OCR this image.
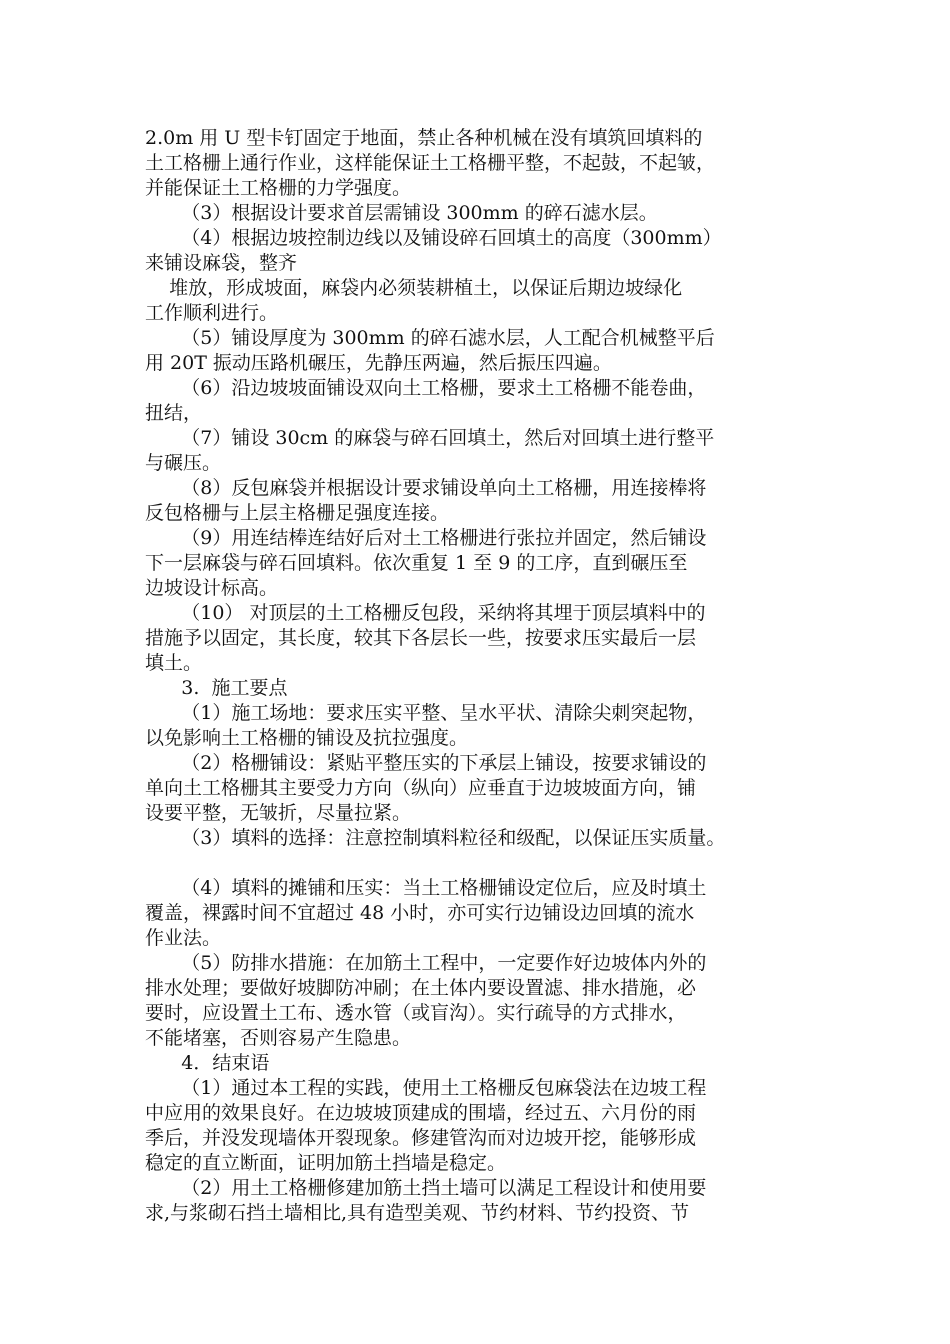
2.0m 用 U 型卡钉固定于地面，禁止各种机械在没有填筑回填料的
土工格栅上通行作业，这样能保证土工格栅平整，不起鼓，不起皱，
并能保证土工格栅的力学强度。
（3）根据设计要求首层需铺设 300mm 的碎石滤水层。
（4）根据边坡控制边线以及铺设碎石回填土的高度（300mm）
来铺设麻袋，整齐
堆放，形成坡面，麻袋内必须装耕植土，以保证后期边坡绿化
工作顺利进行。
（5）铺设厚度为 300mm 的碎石滤水层，人工配合机械整平后
用 20T 振动压路机碾压，先静压两遍，然后振压四遍。
（6）沿边坡坡面铺设双向土工格栅，要求土工格栅不能卷曲，
扭结，
（7）铺设 30cm 的麻袋与碎石回填土，然后对回填土进行整平
与碾压。
（8）反包麻袋并根据设计要求铺设单向土工格栅，用连接棒将
反包格栅与上层主格栅足强度连接。
（9）用连结棒连结好后对土工格栅进行张拉并固定，然后铺设
下一层麻袋与碎石回填料。依次重复 1 至 9 的工序，直到碾压至
边坡设计标高。
（10） 对顶层的土工格栅反包段，采纳将其埋于顶层填料中的
措施予以固定，其长度，较其下各层长一些，按要求压实最后一层
填土。
3.  施工要点
（1）施工场地：要求压实平整、呈水平状、清除尖刺突起物，
以免影响土工格栅的铺设及抗拉强度。
（2）格栅铺设：紧贴平整压实的下承层上铺设，按要求铺设的
单向土工格栅其主要受力方向（纵向）应垂直于边坡坡面方向，铺
设要平整，无皱折，尽量拉紧。
（3）填料的选择：注意控制填料粒径和级配，以保证压实质量。
（4）填料的摊铺和压实：当土工格栅铺设定位后，应及时填土
覆盖，裸露时间不宜超过 48 小时，亦可实行边铺设边回填的流水
作业法。
（5）防排水措施：在加筋土工程中，一定要作好边坡体内外的
排水处理；要做好坡脚防冲刷；在土体内要设置滤、排水措施，必
要时，应设置土工布、透水管（或盲沟）。实行疏导的方式排水，
不能堵塞，否则容易产生隐患。
4．结束语
（1）通过本工程的实践，使用土工格栅反包麻袋法在边坡工程
中应用的效果良好。在边坡坡顶建成的围墙，经过五、六月份的雨
季后，并没发现墙体开裂现象。修建管沟而对边坡开挖，能够形成
稳定的直立断面，证明加筋土挡墙是稳定。
（2）用土工格栅修建加筋土挡土墙可以满足工程设计和使用要
求,与浆砌石挡土墙相比,具有造型美观、节约材料、节约投资、节
